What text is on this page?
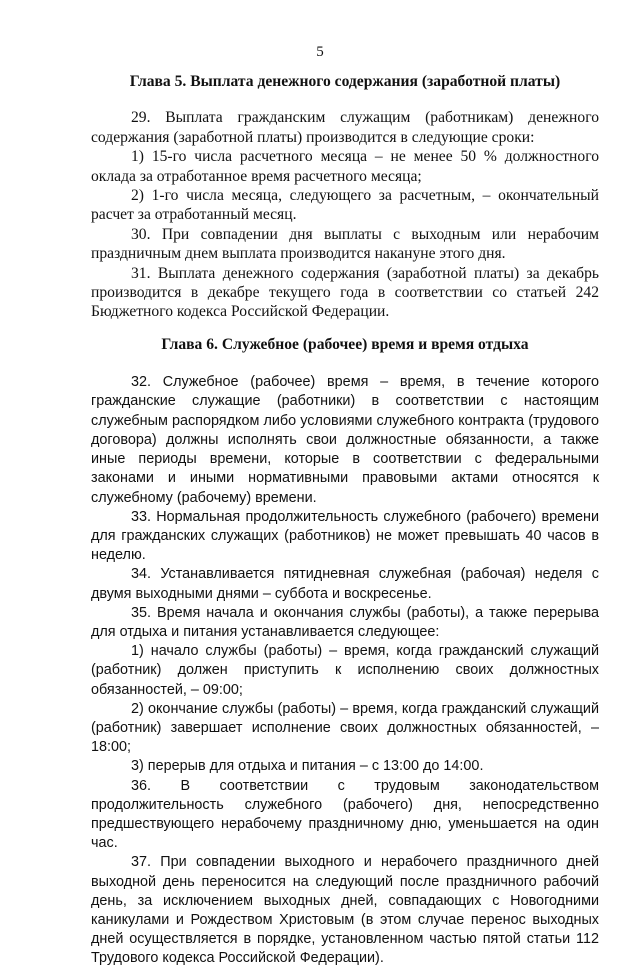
5
Глава 5. Выплата денежного содержания (заработной платы)

29. Выплата гражданским служащим (работникам) денежного содержания (заработной платы) производится в следующие сроки:

1) 15-го числа расчетного месяца – не менее 50 % должностного оклада за отработанное время расчетного месяца;

2) 1-го числа месяца, следующего за расчетным, – окончательный расчет за отработанный месяц.

30. При совпадении дня выплаты с выходным или нерабочим праздничным днем выплата производится накануне этого дня.

31. Выплата денежного содержания (заработной платы) за декабрь производится в декабре текущего года в соответствии со статьей 242 Бюджетного кодекса Российской Федерации.

Глава 6. Служебное (рабочее) время и время отдыха

32. Служебное (рабочее) время – время, в течение которого гражданские служащие (работники) в соответствии с настоящим служебным распорядком либо условиями служебного контракта (трудового договора) должны исполнять свои должностные обязанности, а также иные периоды времени, которые в соответствии с федеральными законами и иными нормативными правовыми актами относятся к служебному (рабочему) времени.

33. Нормальная продолжительность служебного (рабочего) времени для гражданских служащих (работников) не может превышать 40 часов в неделю.

34. Устанавливается пятидневная служебная (рабочая) неделя с двумя выходными днями – суббота и воскресенье.

35. Время начала и окончания службы (работы), а также перерыва для отдыха и питания устанавливается следующее:

1) начало службы (работы) – время, когда гражданский служащий (работник) должен приступить к исполнению своих должностных обязанностей, – 09:00;

2) окончание службы (работы) – время, когда гражданский служащий (работник) завершает исполнение своих должностных обязанностей, – 18:00;

3) перерыв для отдыха и питания – с 13:00 до 14:00.

36. В соответствии с трудовым законодательством продолжительность служебного (рабочего) дня, непосредственно предшествующего нерабочему праздничному дню, уменьшается на один час.

37. При совпадении выходного и нерабочего праздничного дней выходной день переносится на следующий после праздничного рабочий день, за исключением выходных дней, совпадающих с Новогодними каникулами и Рождеством Христовым (в этом случае перенос выходных дней осуществляется в порядке, установленном частью пятой статьи 112 Трудового кодекса Российской Федерации).
